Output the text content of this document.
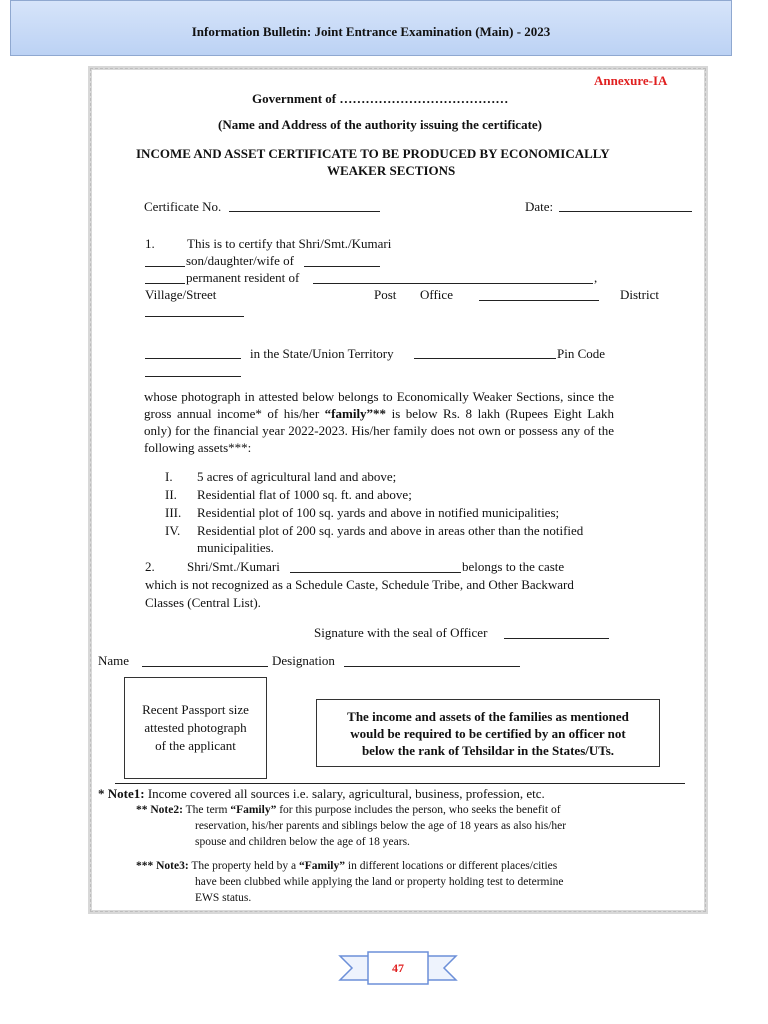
Information Bulletin: Joint Entrance Examination (Main) - 2023
Annexure-IA
Government of …………………………………
(Name and Address of the authority issuing the certificate)
INCOME AND ASSET CERTIFICATE TO BE PRODUCED BY ECONOMICALLY
WEAKER SECTIONS
Certificate No.	Date:
1. This is to certify that Shri/Smt./Kumari
son/daughter/wife of
permanent resident of	,
Village/Street	Post Office	District
in the State/Union Territory	Pin Code
whose photograph in attested below belongs to Economically Weaker Sections, since the gross annual income* of his/her “family”** is below Rs. 8 lakh (Rupees Eight Lakh only) for the financial year 2022-2023. His/her family does not own or possess any of the following assets***:
I. 5 acres of agricultural land and above;
II. Residential flat of 1000 sq. ft. and above;
III. Residential plot of 100 sq. yards and above in notified municipalities;
IV. Residential plot of 200 sq. yards and above in areas other than the notified
municipalities.
2. Shri/Smt./Kumari	belongs to the caste
which is not recognized as a Schedule Caste, Schedule Tribe, and Other Backward
Classes (Central List).
Signature with the seal of Officer
Name	Designation
Recent Passport size
attested photograph
of the applicant
The income and assets of the families as mentioned
would be required to be certified by an officer not
below the rank of Tehsildar in the States/UTs.
* Note1: Income covered all sources i.e. salary, agricultural, business, profession, etc.
** Note2: The term “Family” for this purpose includes the person, who seeks the benefit of
reservation, his/her parents and siblings below the age of 18 years as also his/her
spouse and children below the age of 18 years.
*** Note3: The property held by a “Family” in different locations or different places/cities
have been clubbed while applying the land or property holding test to determine
EWS status.
47
